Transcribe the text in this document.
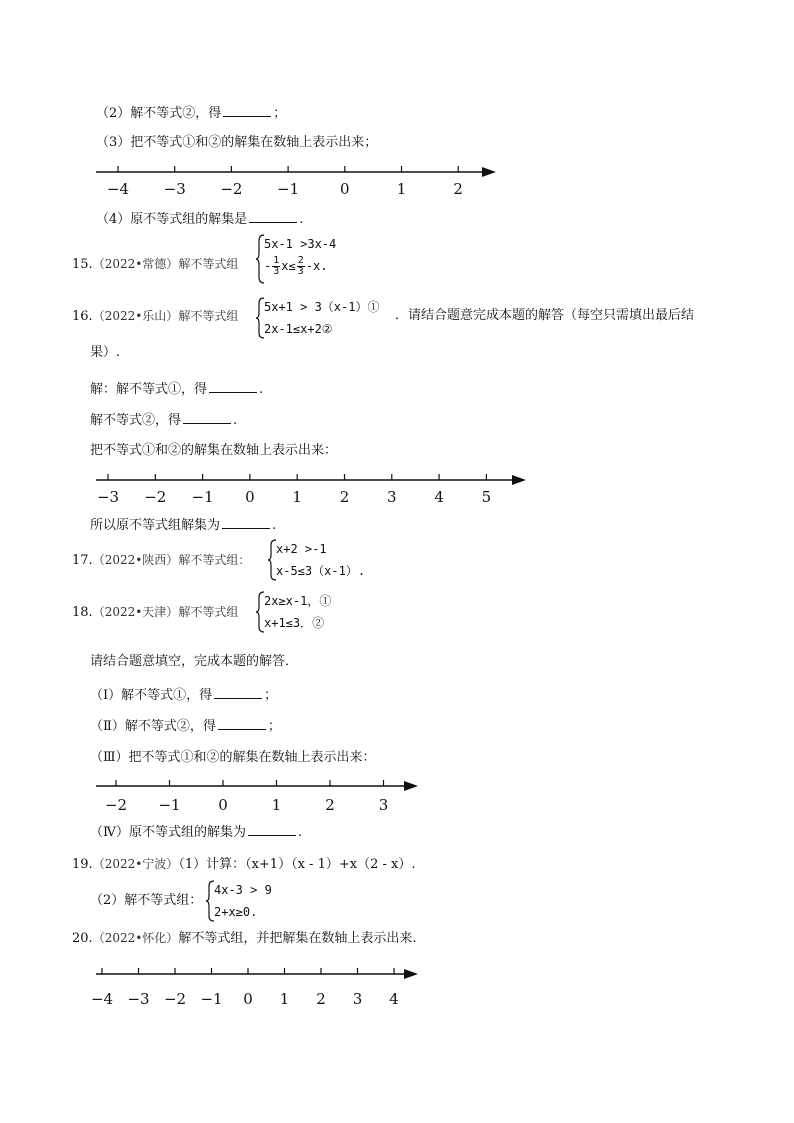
（2）解不等式②，得	；
（3）把不等式①和②的解集在数轴上表示出来；
−4 −3 −2 −1	0	1	2
（4）原不等式组的解集是	.
15.（2022•常德）解不等式组
5x-1 >3x-4
- $\frac{1}{3} x\le \frac{2}{3} -x$.
16.（2022•乐山）解不等式组
5x+1 > 3（x-1）①
2x-1≤x+2②
．请结合题意完成本题的解答（每空只需填出最后结
果）.
解：解不等式①，得	.
解不等式②，得	.
把不等式①和②的解集在数轴上表示出来：
−3 −2 −1 0	1	2	3	4	5
所以原不等式组解集为	.
17.（2022•陕西）解不等式组：
x+2 >-1
x-5≤3（x-1）.
18.（2022•天津）解不等式组
2x≥x-1，①
x+1≤3．②
请结合题意填空，完成本题的解答．
（Ⅰ）解不等式①，得	；
（Ⅱ）解不等式②，得	；
（Ⅲ）把不等式①和②的解集在数轴上表示出来：
−2 −1	0	1	2	3
（Ⅳ）原不等式组的解集为	.
19.（2022•宁波）（1）计算：（x+1）（x - 1）+x（2 - x）.
（2）解不等式组：
4x-3 > 9
2+x≥0.
20.（2022•怀化）解不等式组，并把解集在数轴上表示出来.
−4 −3 −2 −1 0 1 2 3 4
